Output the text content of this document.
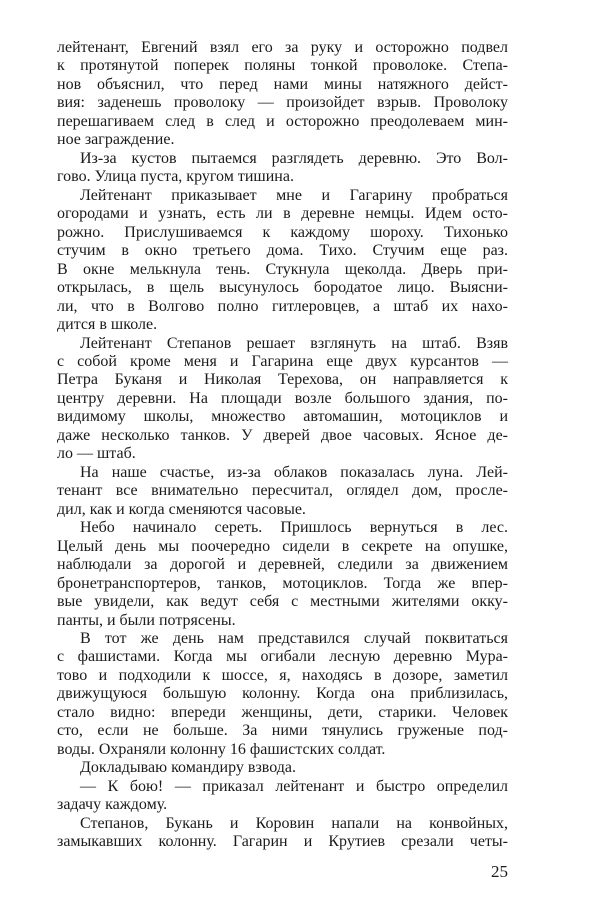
лейтенант, Евгений взял его за руку и осторожно подвел
к протянутой поперек поляны тонкой проволоке. Степа-
нов объяснил, что перед нами мины натяжного дейст-
вия: заденешь проволоку — произойдет взрыв. Проволоку
перешагиваем след в след и осторожно преодолеваем мин-
ное заграждение.
Из-за кустов пытаемся разглядеть деревню. Это Вол-
гово. Улица пуста, кругом тишина.
Лейтенант приказывает мне и Гагарину пробраться
огородами и узнать, есть ли в деревне немцы. Идем осто-
рожно. Прислушиваемся к каждому шороху. Тихонько
стучим в окно третьего дома. Тихо. Стучим еще раз.
В окне мелькнула тень. Стукнула щеколда. Дверь при-
открылась, в щель высунулось бородатое лицо. Выясни-
ли, что в Волгово полно гитлеровцев, а штаб их нахо-
дится в школе.
Лейтенант Степанов решает взглянуть на штаб. Взяв
с собой кроме меня и Гагарина еще двух курсантов —
Петра Буканя и Николая Терехова, он направляется к
центру деревни. На площади возле большого здания, по-
видимому школы, множество автомашин, мотоциклов и
даже несколько танков. У дверей двое часовых. Ясное де-
ло — штаб.
На наше счастье, из-за облаков показалась луна. Лей-
тенант все внимательно пересчитал, оглядел дом, просле-
дил, как и когда сменяются часовые.
Небо начинало сереть. Пришлось вернуться в лес.
Целый день мы поочередно сидели в секрете на опушке,
наблюдали за дорогой и деревней, следили за движением
бронетранспортеров, танков, мотоциклов. Тогда же впер-
вые увидели, как ведут себя с местными жителями окку-
панты, и были потрясены.
В тот же день нам представился случай поквитаться
с фашистами. Когда мы огибали лесную деревню Мура-
тово и подходили к шоссе, я, находясь в дозоре, заметил
движущуюся большую колонну. Когда она приблизилась,
стало видно: впереди женщины, дети, старики. Человек
сто, если не больше. За ними тянулись груженые под-
воды. Охраняли колонну 16 фашистских солдат.
Докладываю командиру взвода.
— К бою! — приказал лейтенант и быстро определил
задачу каждому.
Степанов, Букань и Коровин напали на конвойных,
замыкавших колонну. Гагарин и Крутиев срезали четы-
25
